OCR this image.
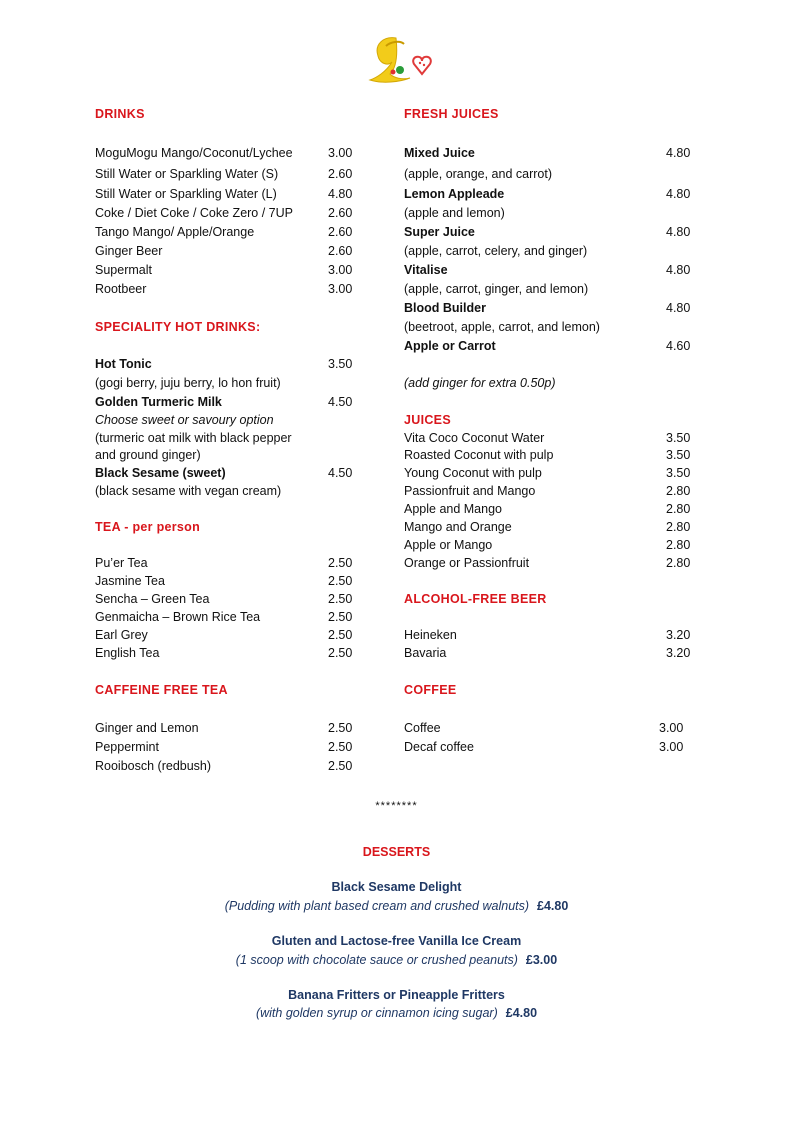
DRINKS
MoguMogu Mango/Coconut/Lychee	3.00
Still Water or Sparkling Water (S)	2.60
Still Water or Sparkling Water (L)	4.80
Coke / Diet Coke / Coke Zero / 7UP	2.60
Tango Mango/ Apple/Orange	2.60
Ginger Beer	2.60
Supermalt	3.00
Rootbeer	3.00
SPECIALITY HOT DRINKS:
Hot Tonic	3.50
(gogi berry, juju berry, lo hon fruit)
Golden Turmeric Milk	4.50
Choose sweet or savoury option
(turmeric oat milk with black pepper
and ground ginger)
Black Sesame (sweet)	4.50
(black sesame with vegan cream)
TEA - per person
Pu’er Tea	2.50
Jasmine Tea	2.50
Sencha – Green Tea	2.50
Genmaicha – Brown Rice Tea	2.50
Earl Grey	2.50
English Tea	2.50
CAFFEINE FREE TEA
Ginger and Lemon	2.50
Peppermint	2.50
Rooibosch (redbush)	2.50
FRESH JUICES
Mixed Juice	4.80
(apple, orange, and carrot)
Lemon Appleade	4.80
(apple and lemon)
Super Juice	4.80
(apple, carrot, celery, and ginger)
Vitalise	4.80
(apple, carrot, ginger, and lemon)
Blood Builder	4.80
(beetroot, apple, carrot, and lemon)
Apple or Carrot	4.60
(add ginger for extra 0.50p)
JUICES
Vita Coco Coconut Water	3.50
Roasted Coconut with pulp	3.50
Young Coconut with pulp	3.50
Passionfruit and Mango	2.80
Apple and Mango	2.80
Mango and Orange	2.80
Apple or Mango	2.80
Orange or Passionfruit	2.80
ALCOHOL-FREE BEER
Heineken	3.20
Bavaria	3.20
COFFEE
Coffee	3.00
Decaf coffee	3.00
********
DESSERTS
Black Sesame Delight
(Pudding with plant based cream and crushed walnuts) £4.80
Gluten and Lactose-free Vanilla Ice Cream
(1 scoop with chocolate sauce or crushed peanuts) £3.00
Banana Fritters or Pineapple Fritters
(with golden syrup or cinnamon icing sugar) £4.80
